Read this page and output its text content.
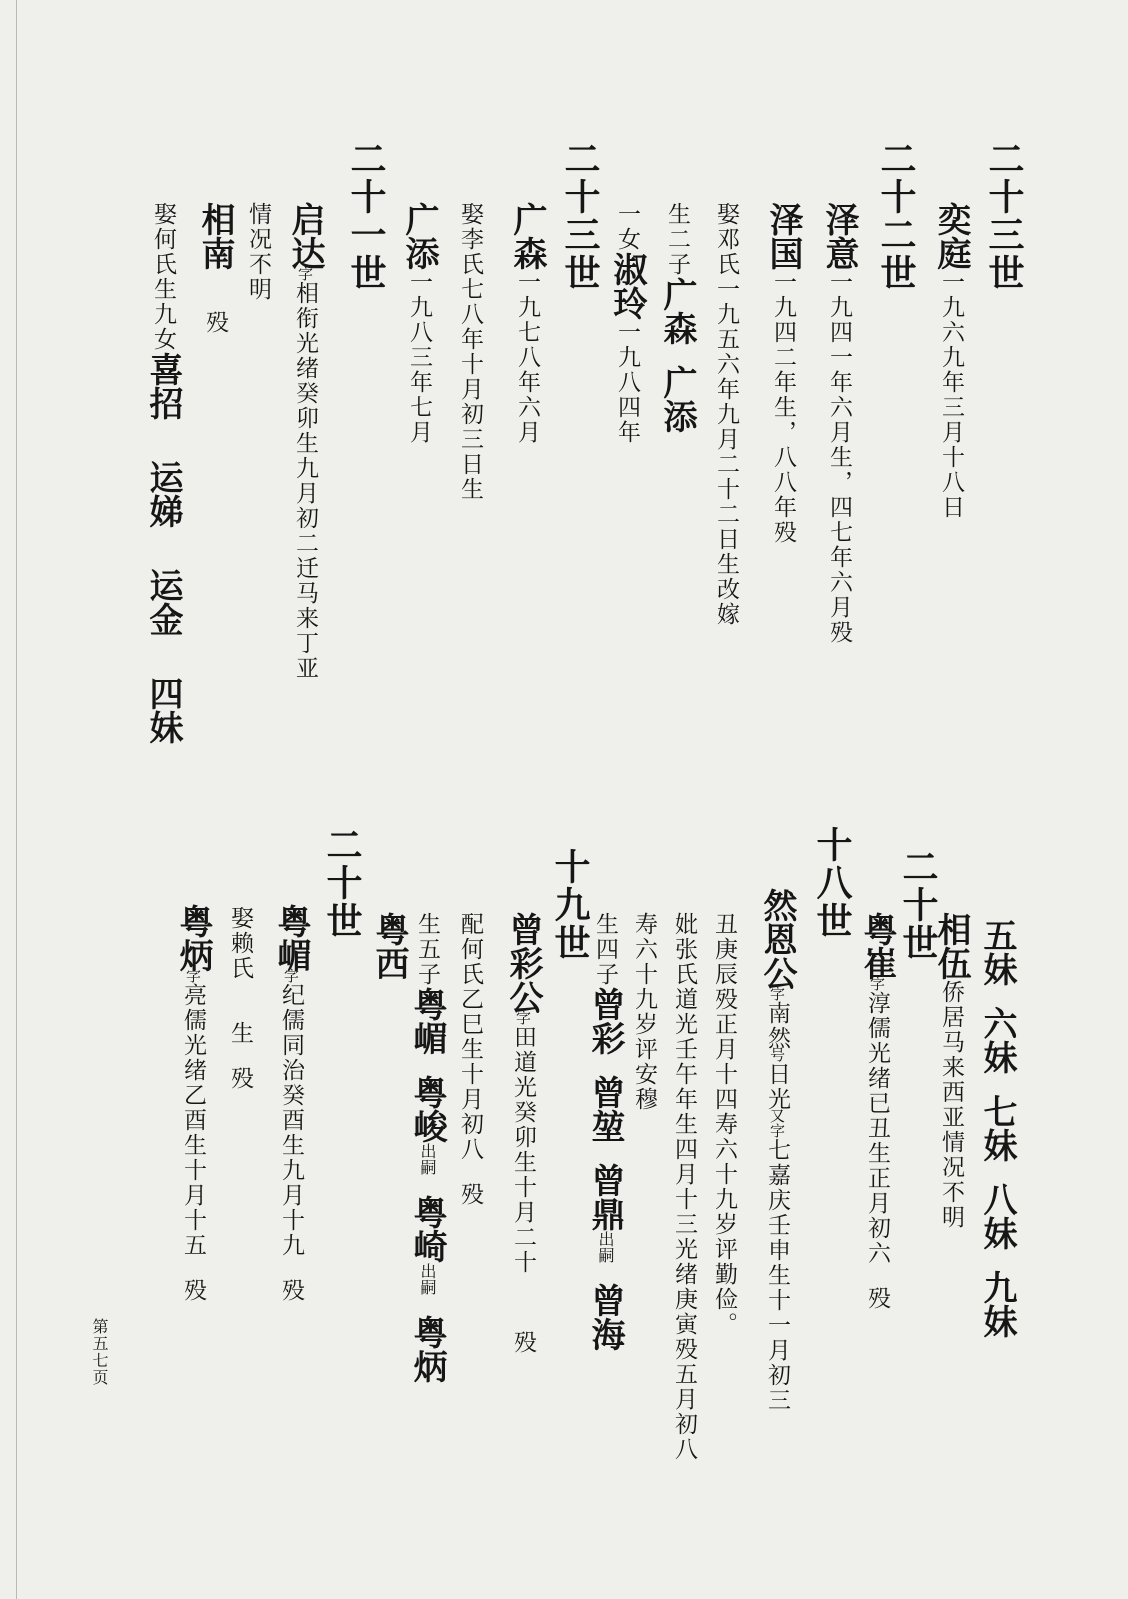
二十三世
奕庭一九六九年三月十八日
二十二世
泽意一九四一年六月生，四七年六月殁
泽国一九四二年生，八八年殁
娶邓氏一九五六年九月二十二日生改嫁
生二子广森广添
一女淑玲一九八四年
二十三世
广森一九七八年六月
娶李氏七八年十月初三日生
广添一九八三年七月
二十一世
启达字相衔光绪癸卯生九月初二迁马来丁亚
情况不明
相南殁
娶何氏生九女喜招运娣运金四妹
五妹六妹七妹八妹九妹
相伍侨居马来西亚情况不明
二十世
粤崔字淳儒光绪已丑生正月初六殁
十八世
然恩公字南然号日光又字七嘉庆壬申生十一月初三
丑庚辰殁正月十四寿六十九岁评勤俭。
妣张氏道光壬午年生四月十三光绪庚寅殁五月初八
寿六十九岁评安穆
生四子曾彩曾堃曾鼎出嗣曾海
十九世
曾彩公字田道光癸卯生十月二十殁
配何氏乙巳生十月初八殁
生五子粤嵋粤峻出嗣粤崎出嗣粤炳
粤西
二十世
粤嵋字纪儒同治癸酉生九月十九殁
娶赖氏生殁
粤炳字亮儒光绪乙酉生十月十五殁
第五七页
